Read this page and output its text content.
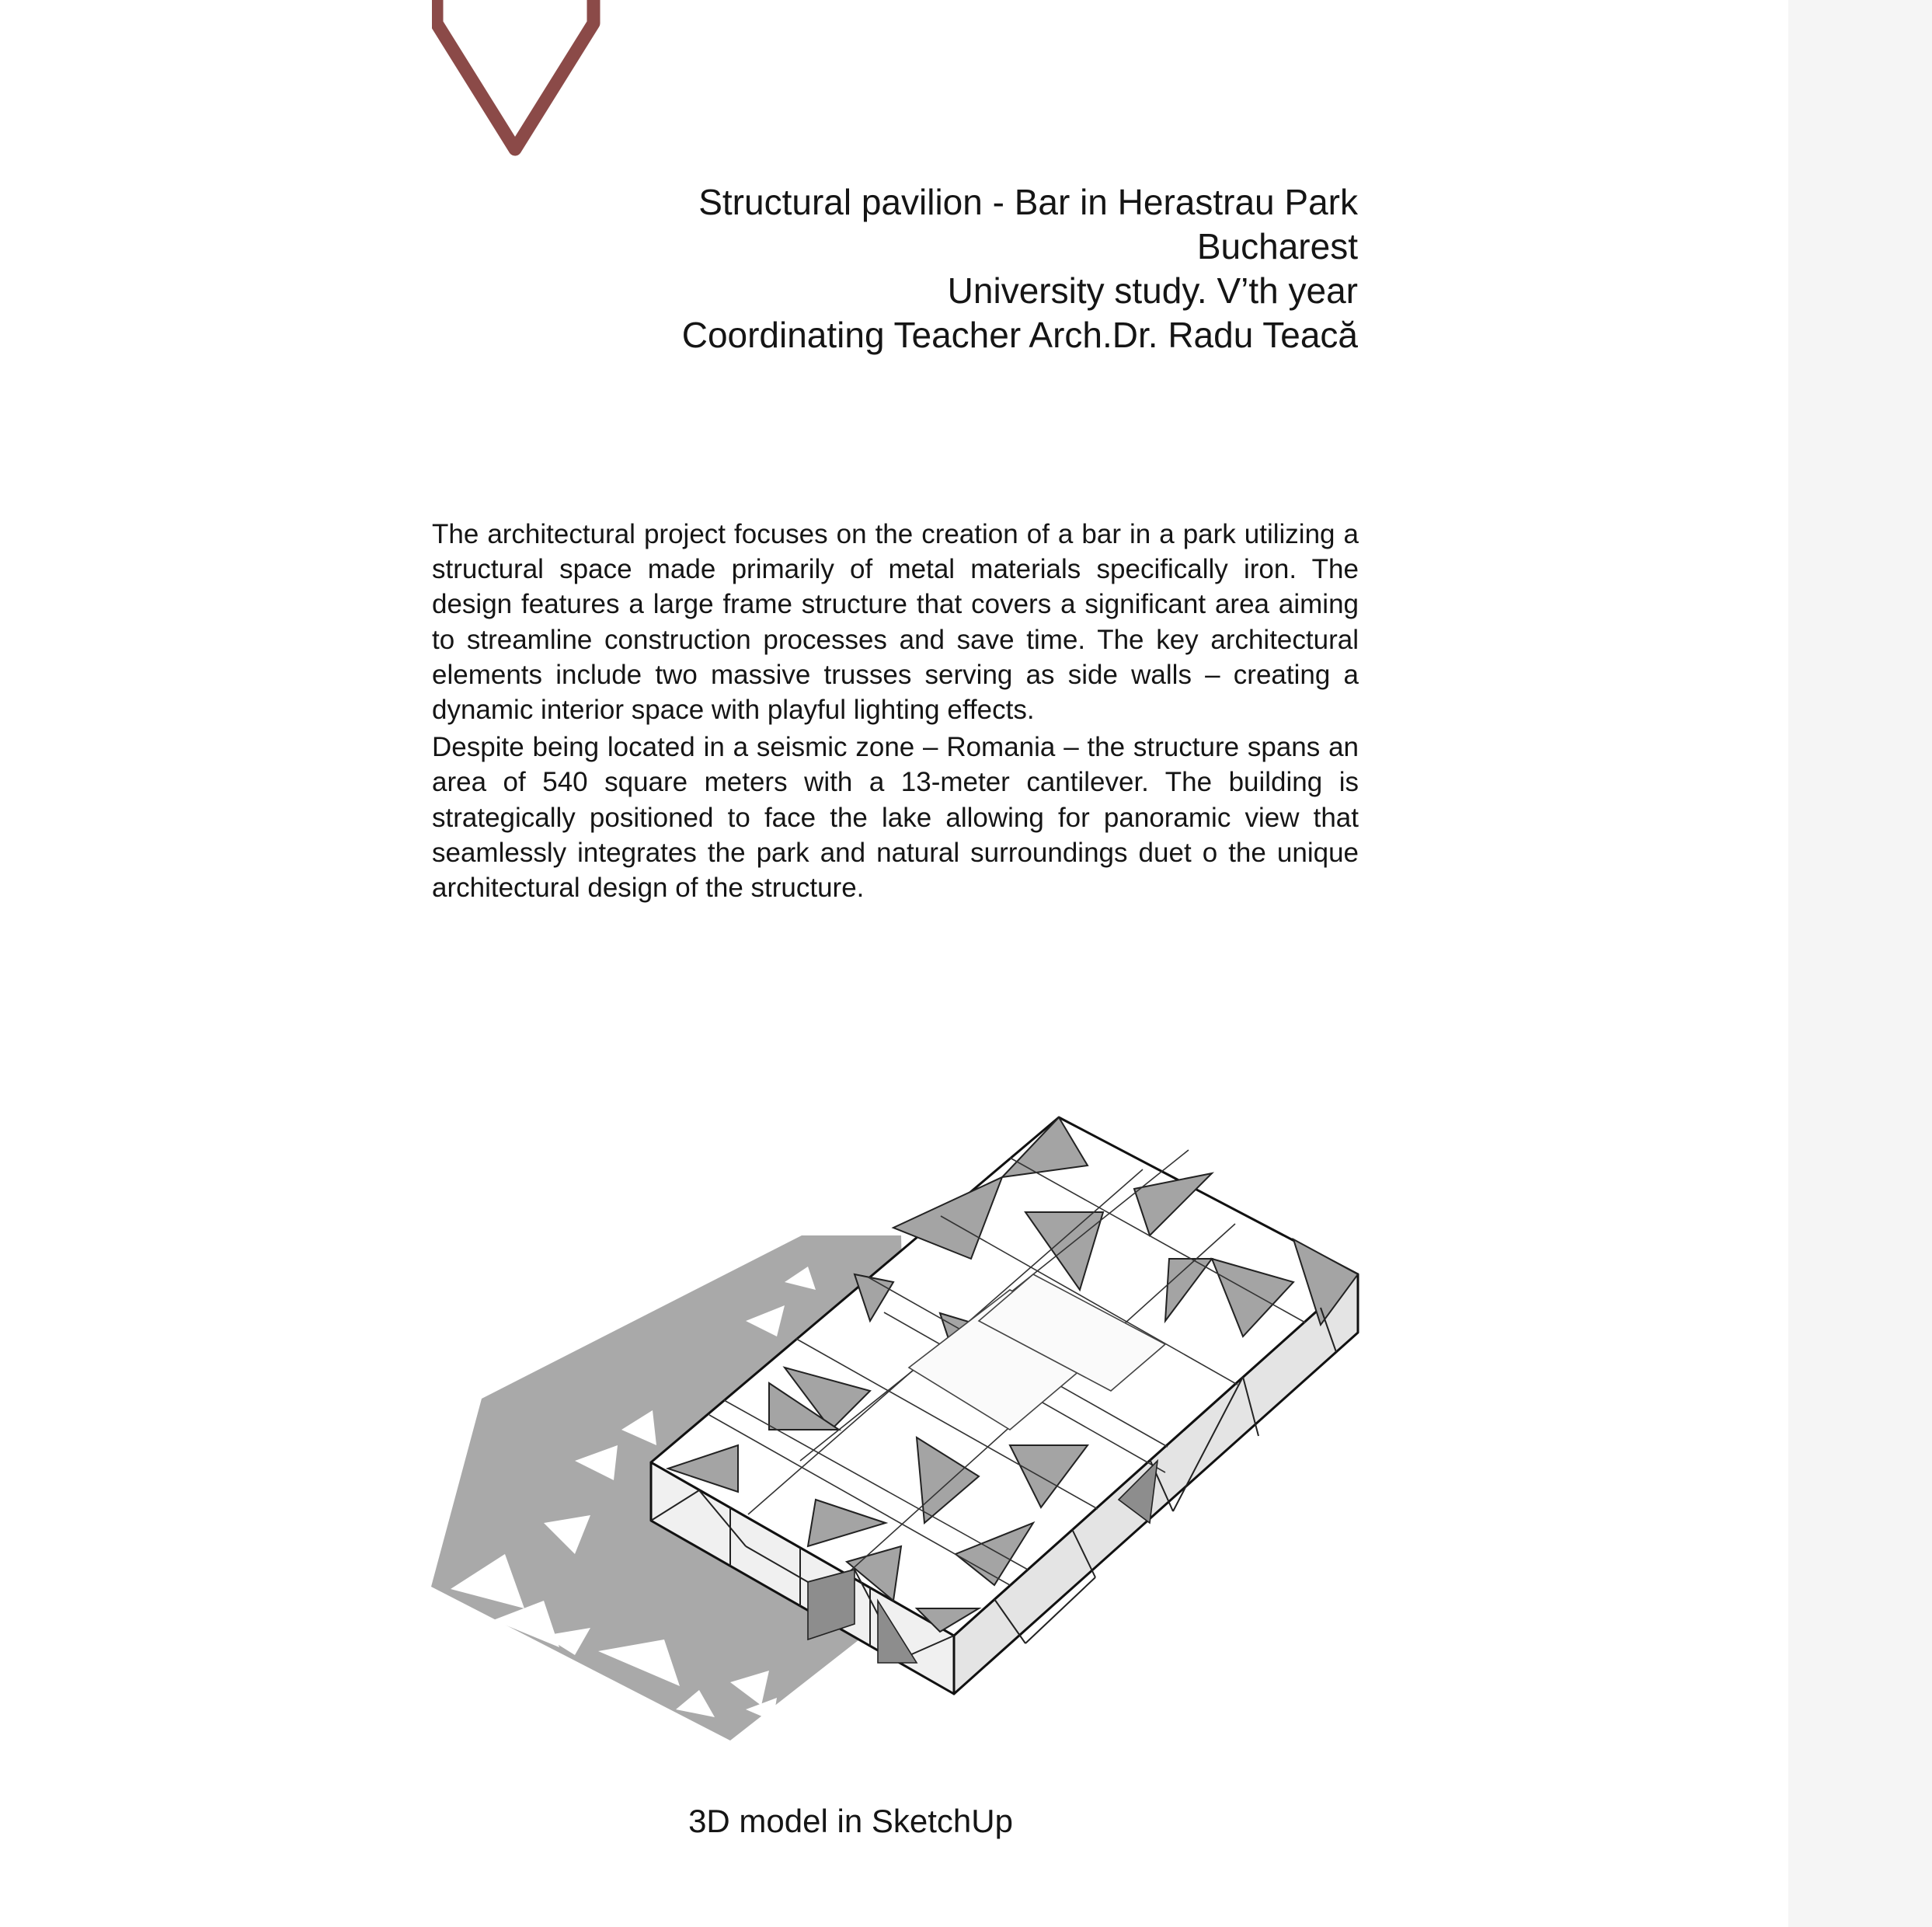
Structural pavilion - Bar in Herastrau Park
Bucharest
University study. V’th year
Coordinating Teacher Arch.Dr. Radu Teacă

The architectural project focuses on the creation of a bar in a park utilizing a structural space made primarily of metal materials specifically iron. The design features a large frame structure that covers a significant area aiming to streamline construction processes and save time. The key architectural elements include two massive trusses serving as side walls – creating a dynamic interior space with playful lighting effects.

Despite being located in a seismic zone – Romania – the structure spans an area of 540 square meters with a 13-meter cantilever. The building is strategically positioned to face the lake allowing for panoramic view that seamlessly integrates the park and natural surroundings duet o the unique architectural design of the structure.

3D model in SketchUp
